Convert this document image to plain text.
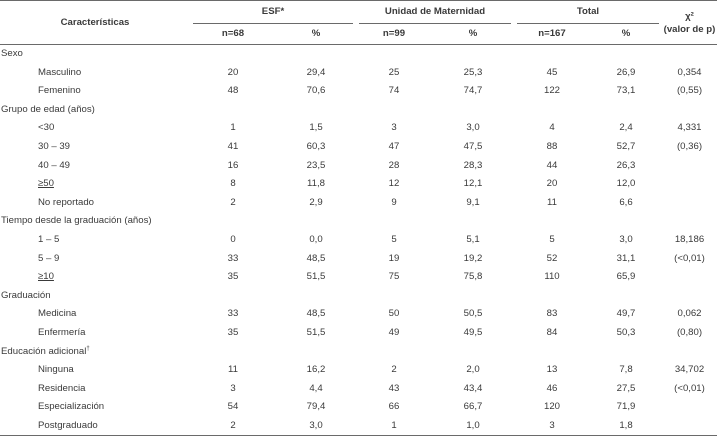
Características	ESF*		Unidad de Maternidad		Total		χ²
(valor de p)

	n=68	%	n=99	%	n=167	%	
Sexo							
Masculino	20	29,4	25	25,3	45	26,9	0,354
Femenino	48	70,6	74	74,7	122	73,1	(0,55)
Grupo de edad (años)							
<30	1	1,5	3	3,0	4	2,4	4,331
30 – 39	41	60,3	47	47,5	88	52,7	(0,36)
40 – 49	16	23,5	28	28,3	44	26,3	
≥50	8	11,8	12	12,1	20	12,0	
No reportado	2	2,9	9	9,1	11	6,6	
Tiempo desde la graduación (años)							
1 – 5	0	0,0	5	5,1	5	3,0	18,186
5 – 9	33	48,5	19	19,2	52	31,1	(<0,01)
≥10	35	51,5	75	75,8	110	65,9	
Graduación							
Medicina	33	48,5	50	50,5	83	49,7	0,062
Enfermería	35	51,5	49	49,5	84	50,3	(0,80)
Educación adicional†
Ninguna	11	16,2	2	2,0	13	7,8	34,702
Residencia	3	4,4	43	43,4	46	27,5	(<0,01)
Especialización	54	79,4	66	66,7	120	71,9	
Postgraduado	2	3,0	1	1,0	3	1,8	
